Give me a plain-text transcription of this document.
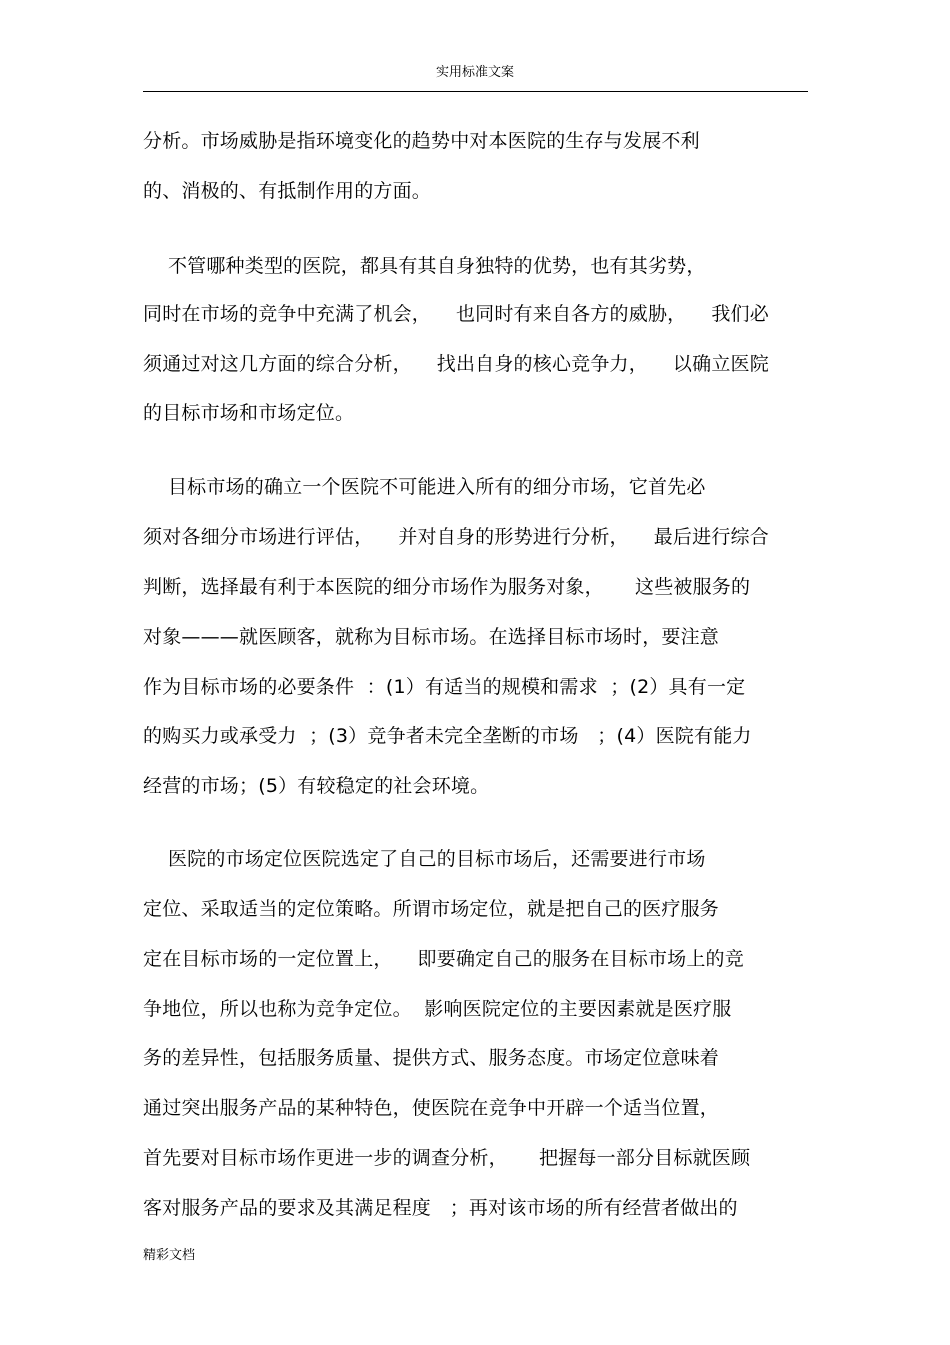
实用标准文案
分析。市场威胁是指环境变化的趋势中对本医院的生存与发展不利
的、消极的、有抵制作用的方面。
不管哪种类型的医院，都具有其自身独特的优势，也有其劣势，
同时在市场的竞争中充满了机会，    也同时有来自各方的威胁，    我们必
须通过对这几方面的综合分析，    找出自身的核心竞争力，    以确立医院
的目标市场和市场定位。
目标市场的确立一个医院不可能进入所有的细分市场，它首先必
须对各细分市场进行评估，    并对自身的形势进行分析，    最后进行综合
判断，选择最有利于本医院的细分市场作为服务对象，     这些被服务的
对象———就医顾客，就称为目标市场。在选择目标市场时，要注意
作为目标市场的必要条件  ：(1）有适当的规模和需求  ；(2）具有一定
的购买力或承受力  ；(3）竞争者未完全垄断的市场   ；(4）医院有能力
经营的市场；(5）有较稳定的社会环境。
医院的市场定位医院选定了自己的目标市场后，还需要进行市场
定位、采取适当的定位策略。所谓市场定位，就是把自己的医疗服务
定在目标市场的一定位置上，    即要确定自己的服务在目标市场上的竞
争地位，所以也称为竞争定位。  影响医院定位的主要因素就是医疗服
务的差异性，包括服务质量、提供方式、服务态度。市场定位意味着
通过突出服务产品的某种特色，使医院在竞争中开辟一个适当位置，
首先要对目标市场作更进一步的调查分析，     把握每一部分目标就医顾
客对服务产品的要求及其满足程度   ；再对该市场的所有经营者做出的
精彩文档
